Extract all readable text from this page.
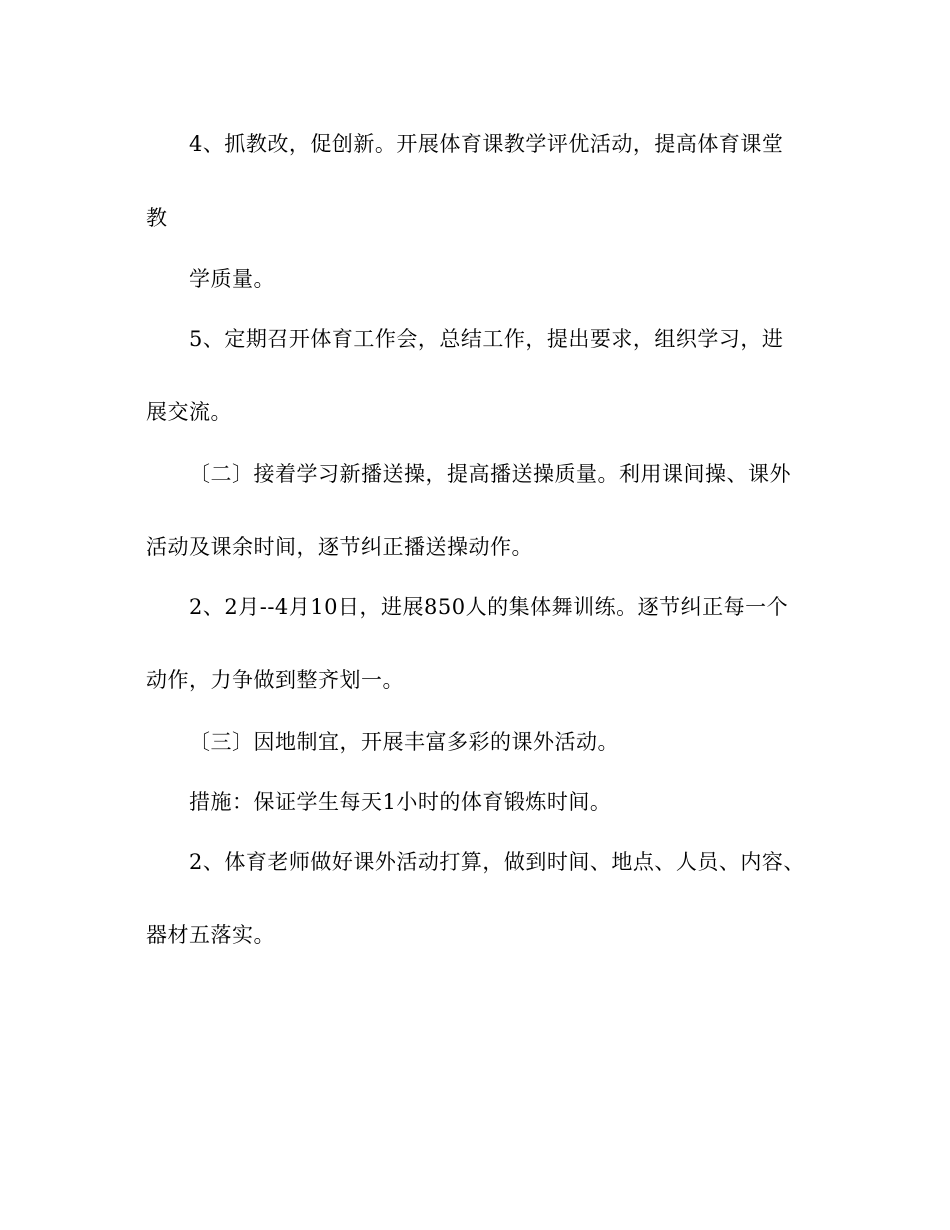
4、抓教改，促创新。开展体育课教学评优活动，提高体育课堂
教
学质量。
5、定期召开体育工作会，总结工作，提出要求，组织学习，进
展交流。
〔二〕接着学习新播送操，提高播送操质量。利用课间操、课外
活动及课余时间，逐节纠正播送操动作。
2、2月--4月10日，进展850人的集体舞训练。逐节纠正每一个
动作，力争做到整齐划一。
〔三〕因地制宜，开展丰富多彩的课外活动。
措施：保证学生每天1小时的体育锻炼时间。
2、体育老师做好课外活动打算，做到时间、地点、人员、内容、
器材五落实。
